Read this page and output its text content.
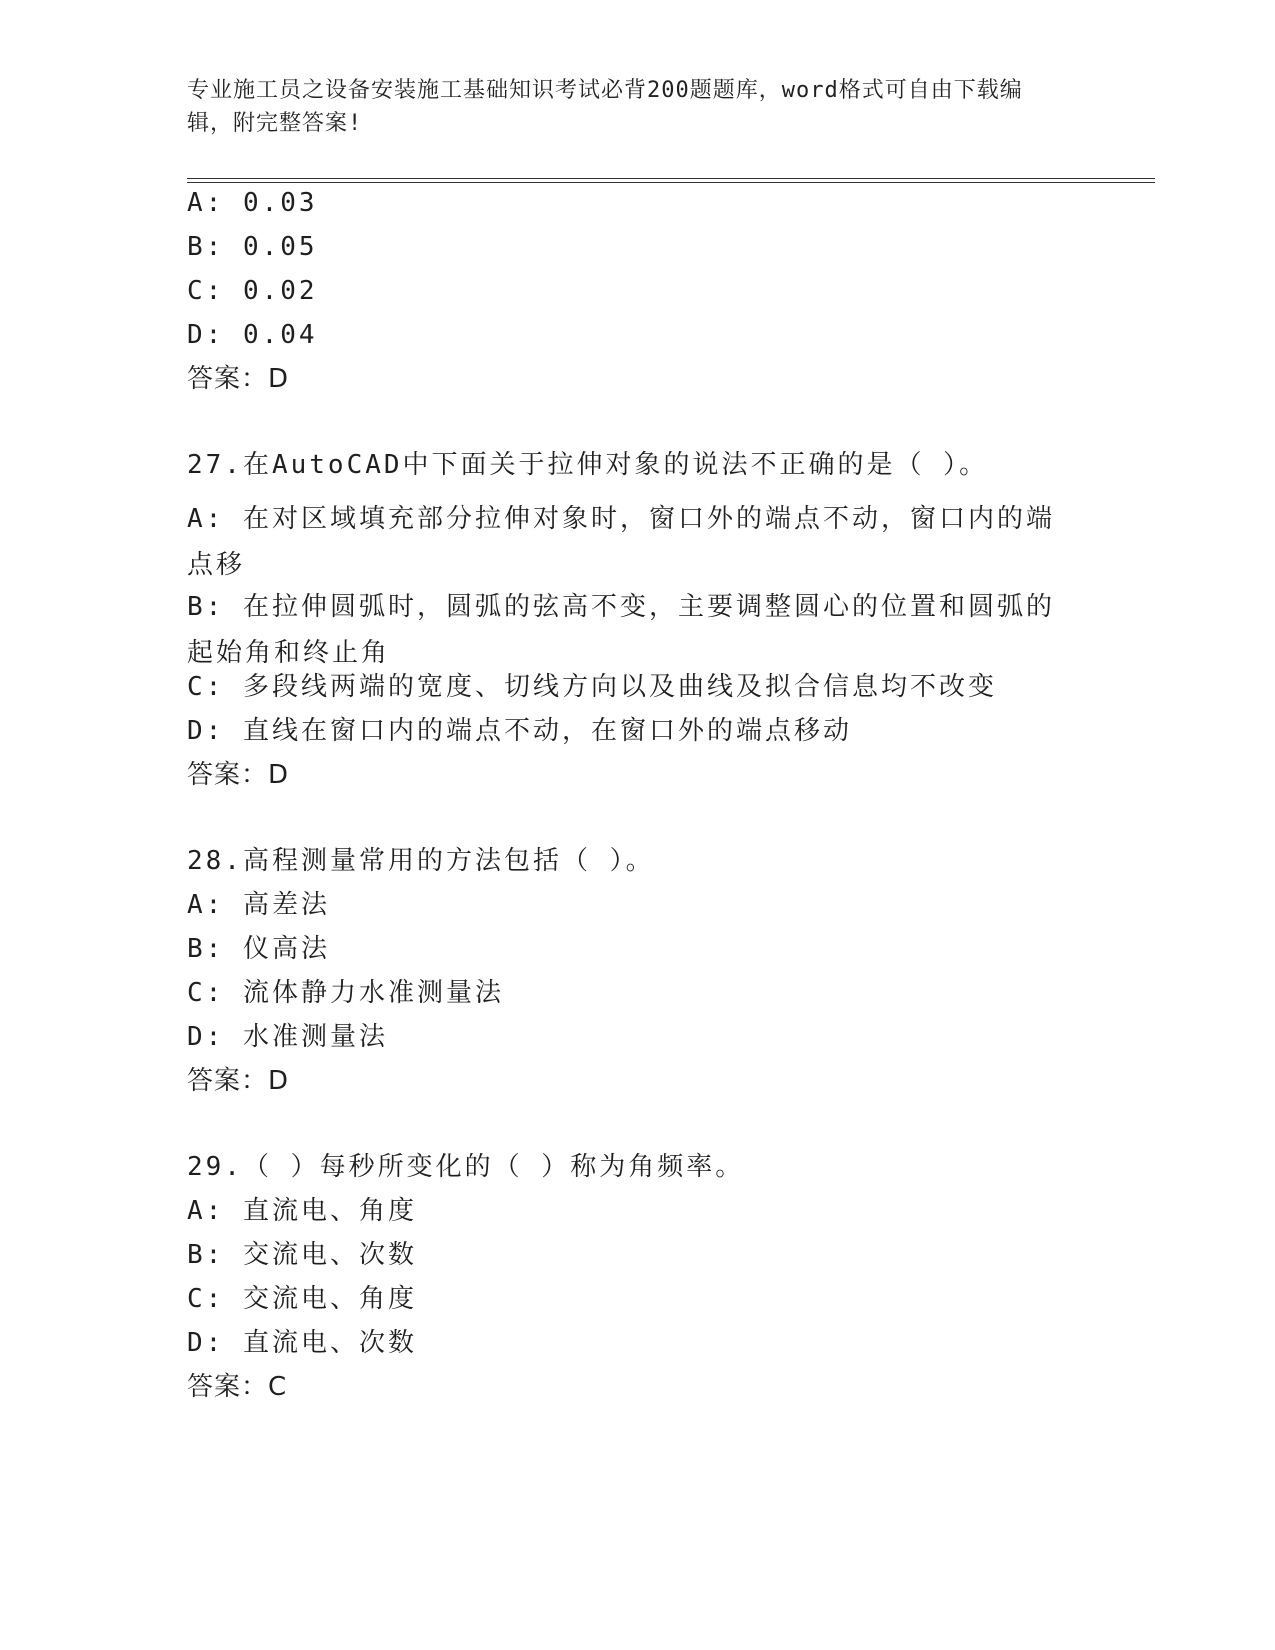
专业施工员之设备安装施工基础知识考试必背200题题库，word格式可自由下载编辑，附完整答案!
A: 0.03
B: 0.05
C: 0.02
D: 0.04
答案：D
27.在AutoCAD中下面关于拉伸对象的说法不正确的是（ ）。
A: 在对区域填充部分拉伸对象时，窗口外的端点不动，窗口内的端点移
B: 在拉伸圆弧时，圆弧的弦高不变，主要调整圆心的位置和圆弧的起始角和终止角
C: 多段线两端的宽度、切线方向以及曲线及拟合信息均不改变
D: 直线在窗口内的端点不动，在窗口外的端点移动
答案：D
28.高程测量常用的方法包括（ ）。
A: 高差法
B: 仪高法
C: 流体静力水准测量法
D: 水准测量法
答案：D
29.（ ）每秒所变化的（ ）称为角频率。
A: 直流电、角度
B: 交流电、次数
C: 交流电、角度
D: 直流电、次数
答案：C
